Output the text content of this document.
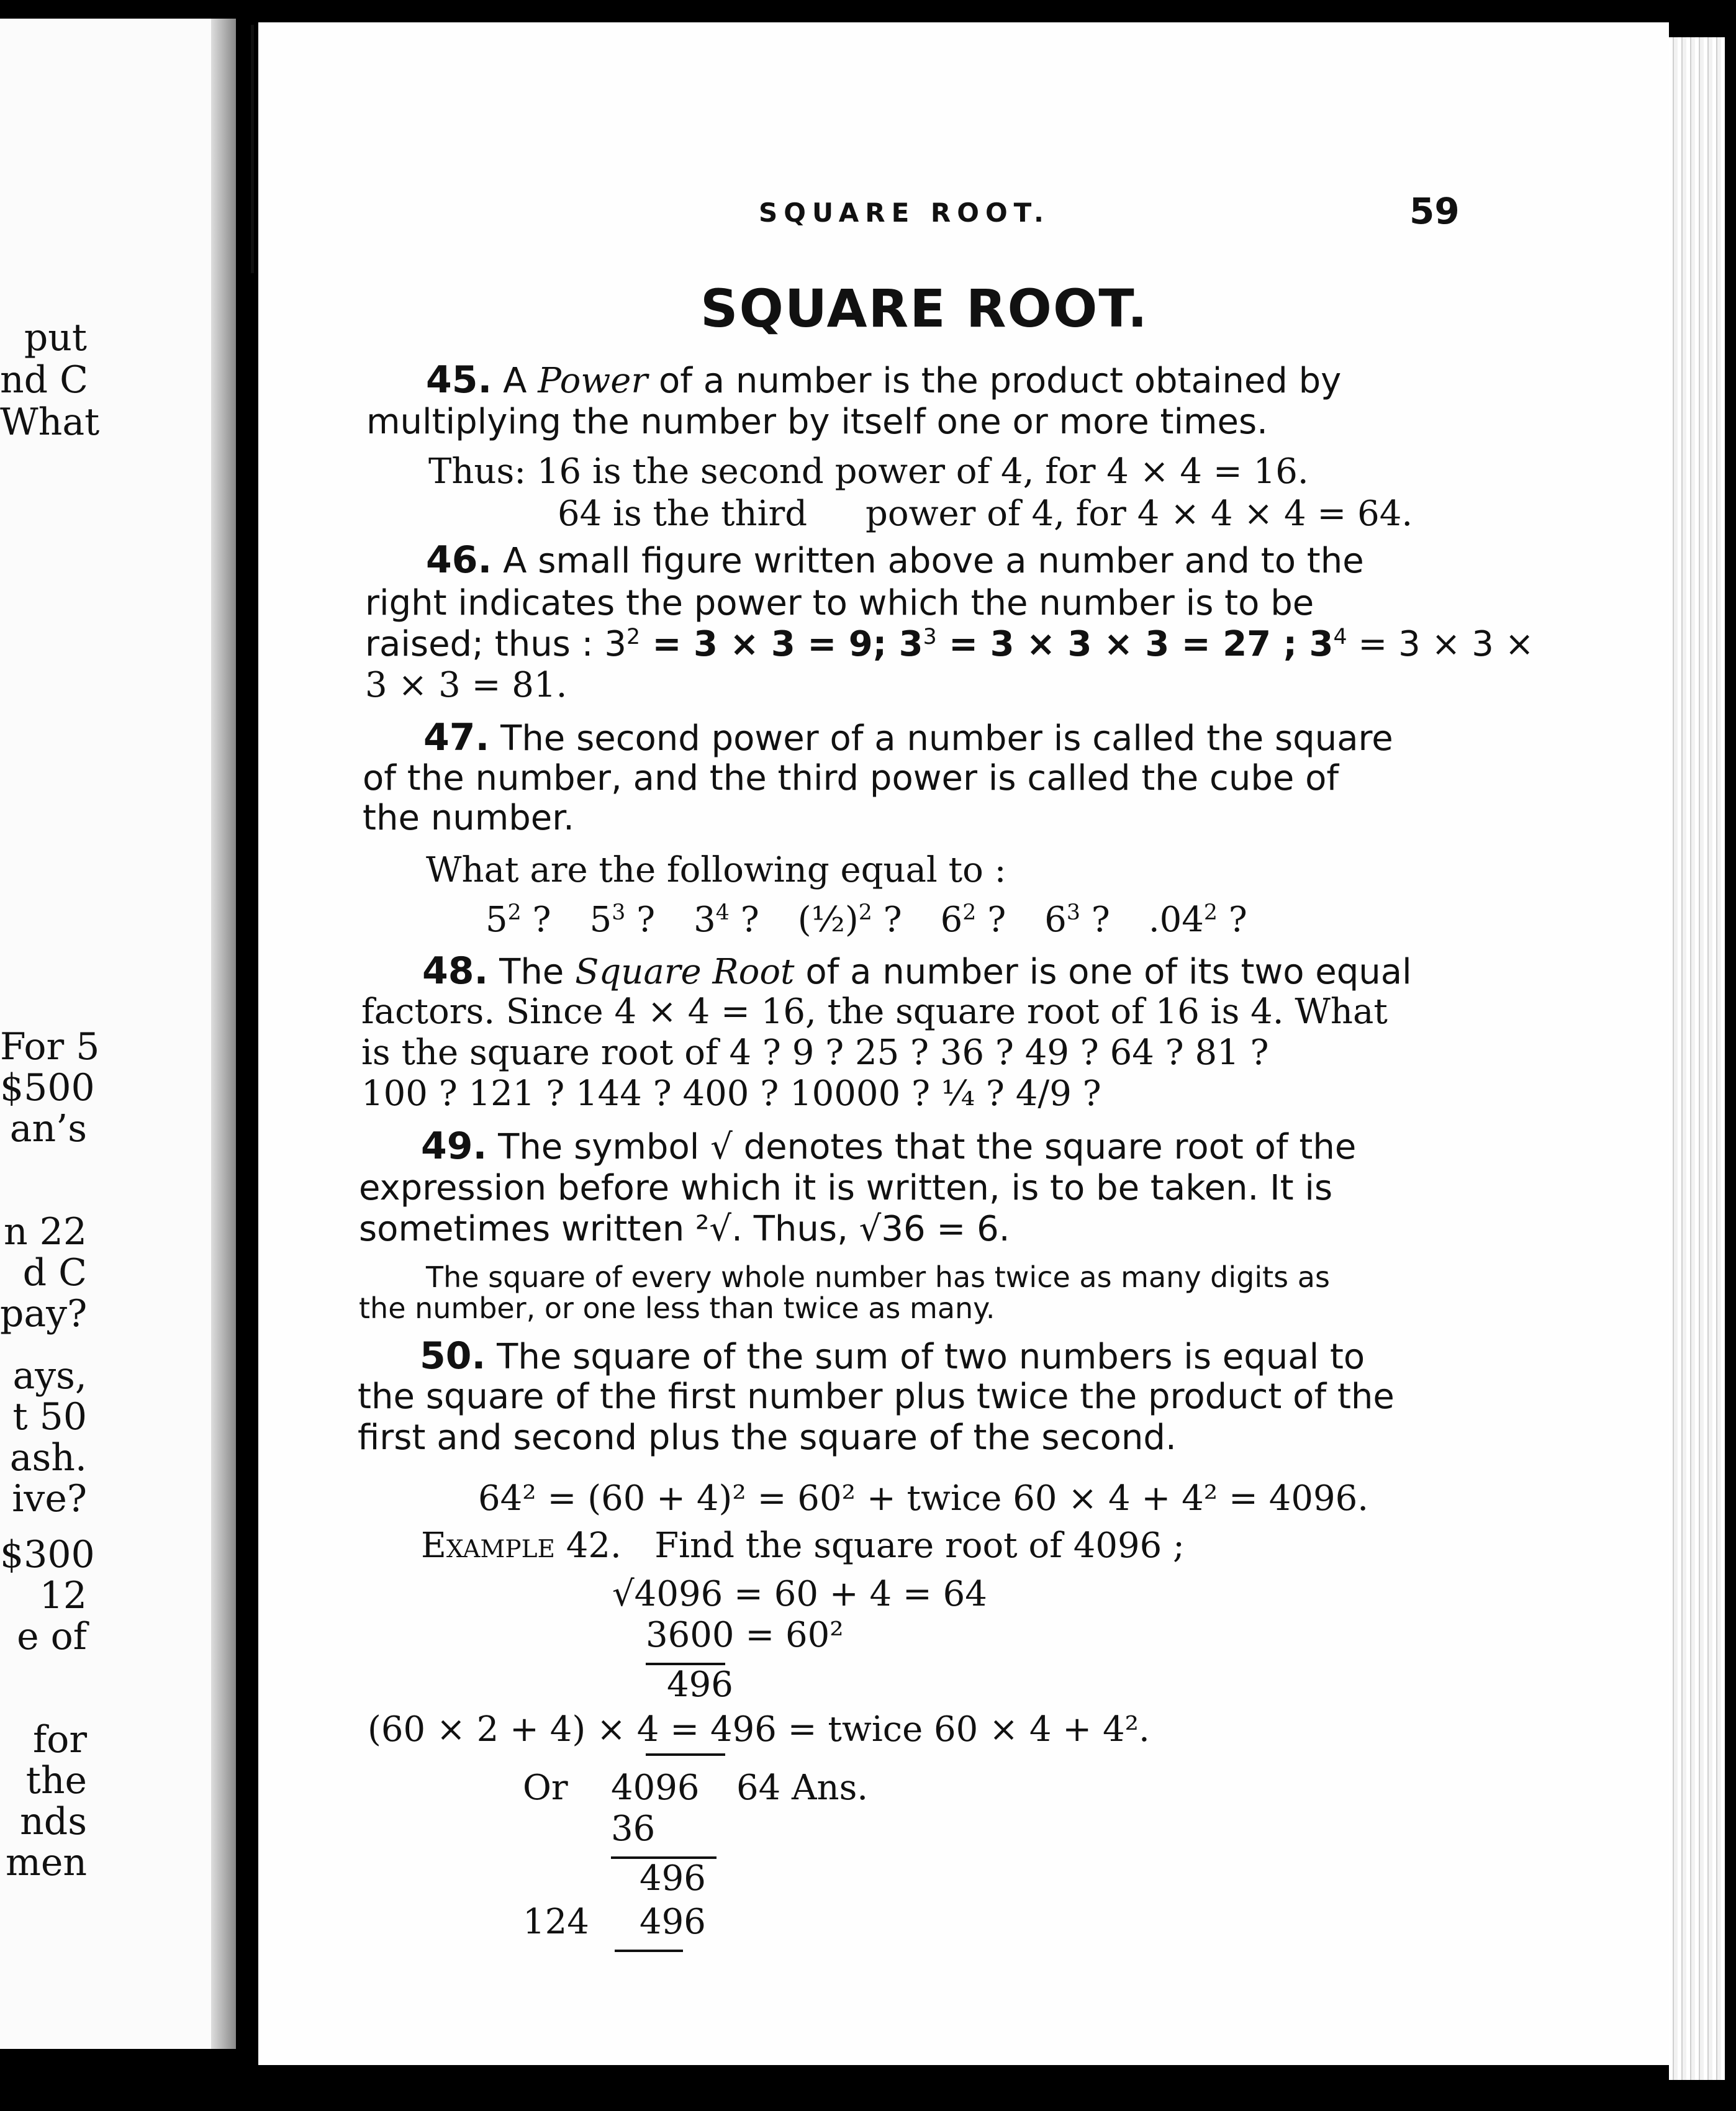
put
nd C
What
For 5
$500
an’s
n 22
d C
pay?
ays,
t 50
ash.
ive?
$300
12
e of
for
the
nds
men
SQUARE ROOT.	59
SQUARE ROOT.
45. A Power of a number is the product obtained by
multiplying the number by itself one or more times.
Thus: 16 is the second power of 4, for 4 × 4 = 16.
64 is the third power of 4, for 4 × 4 × 4 = 64.
46. A small figure written above a number and to the
right indicates the power to which the number is to be
raised; thus : $3^2 = 3 \times 3 = 9$; $3^3 = 3 \times 3 \times 3 = 27$ ; $3^4 = 3 \times 3$ ×
3 × 3 = 81.
47. The second power of a number is called the square
of the number, and the third power is called the cube of
the number.
What are the following equal to :
$5^2$ ? $5^3$ ? $3^4$ ? (½)$^2$ ? $6^2$ ? $6^3$ ? $.04^2$ ?
48. The Square Root of a number is one of its two equal
factors. Since 4 × 4 = 16, the square root of 16 is 4. What
is the square root of 4 ? 9 ? 25 ? 36 ? 49 ? 64 ? 81 ?
100 ? 121 ? 144 ? 400 ? 10000 ? ¼ ? 4/9 ?
49. The symbol √ denotes that the square root of the
expression before which it is written, is to be taken. It is
sometimes written ²√. Thus, √36 = 6.
The square of every whole number has twice as many digits as
the number, or one less than twice as many.
50. The square of the sum of two numbers is equal to
the square of the first number plus twice the product of the
first and second plus the square of the second.
64² = (60 + 4)² = 60² + twice 60 × 4 + 4² = 4096.
Example 42. Find the square root of 4096 ;
√4096 = 60 + 4 = 64
3600 = 60²
496
(60 × 2 + 4) × 4 = 496 = twice 60 × 4 + 4².
Or 4096 64 Ans.
36
496
124 496
